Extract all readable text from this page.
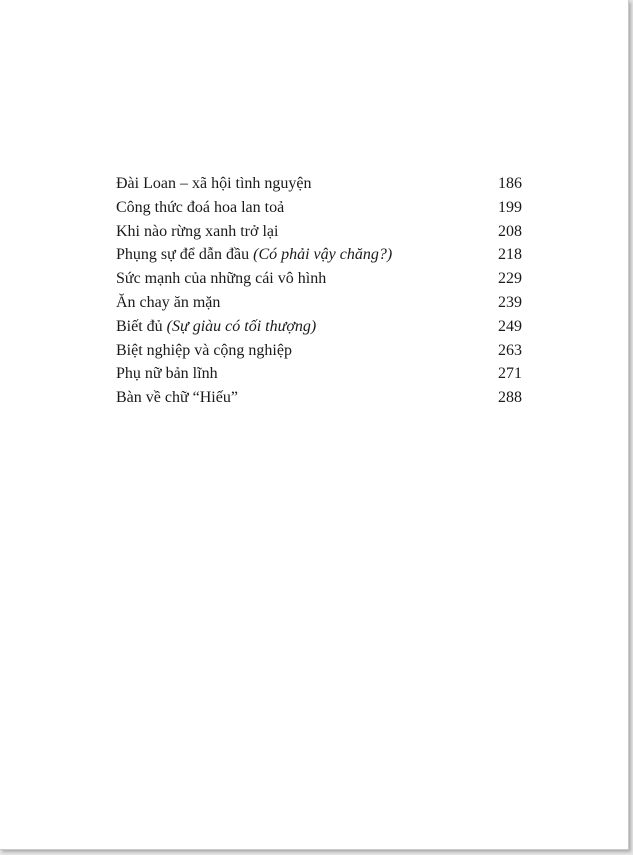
Đài Loan – xã hội tình nguyện	186
Công thức đoá hoa lan toả	199
Khi nào rừng xanh trở lại	208
Phụng sự để dẫn đầu (Có phải vậy chăng?)	218
Sức mạnh của những cái vô hình	229
Ăn chay ăn mặn	239
Biết đủ (Sự giàu có tối thượng)	249
Biệt nghiệp và cộng nghiệp	263
Phụ nữ bản lĩnh	271
Bàn về chữ “Hiếu”	288
